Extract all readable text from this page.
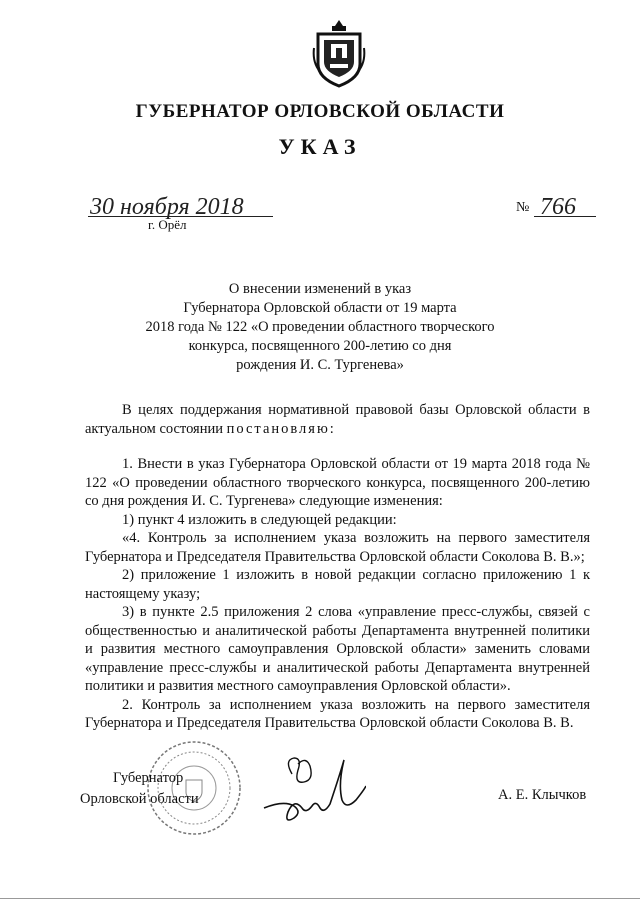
ГУБЕРНАТОР ОРЛОВСКОЙ ОБЛАСТИ
УКАЗ
30 ноября 2018
г. Орёл
№ 766
О внесении изменений в указ
Губернатора Орловской области от 19 марта
2018 года № 122 «О проведении областного творческого
конкурса, посвященного 200-летию со дня
рождения И. С. Тургенева»
В целях поддержания нормативной правовой базы Орловской области в актуальном состоянии постановляю:

1. Внести в указ Губернатора Орловской области от 19 марта 2018 года № 122 «О проведении областного творческого конкурса, посвященного 200-летию со дня рождения И. С. Тургенева» следующие изменения:

1) пункт 4 изложить в следующей редакции:

«4. Контроль за исполнением указа возложить на первого заместителя Губернатора и Председателя Правительства Орловской области Соколова В. В.»;

2) приложение 1 изложить в новой редакции согласно приложению 1 к настоящему указу;

3) в пункте 2.5 приложения 2 слова «управление пресс-службы, связей с общественностью и аналитической работы Департамента внутренней политики и развития местного самоуправления Орловской области» заменить словами «управление пресс-службы и аналитической работы Департамента внутренней политики и развития местного самоуправления Орловской области».

2. Контроль за исполнением указа возложить на первого заместителя Губернатора и Председателя Правительства Орловской области Соколова В. В.

Губернатор
Орловской области	А. Е. Клычков
